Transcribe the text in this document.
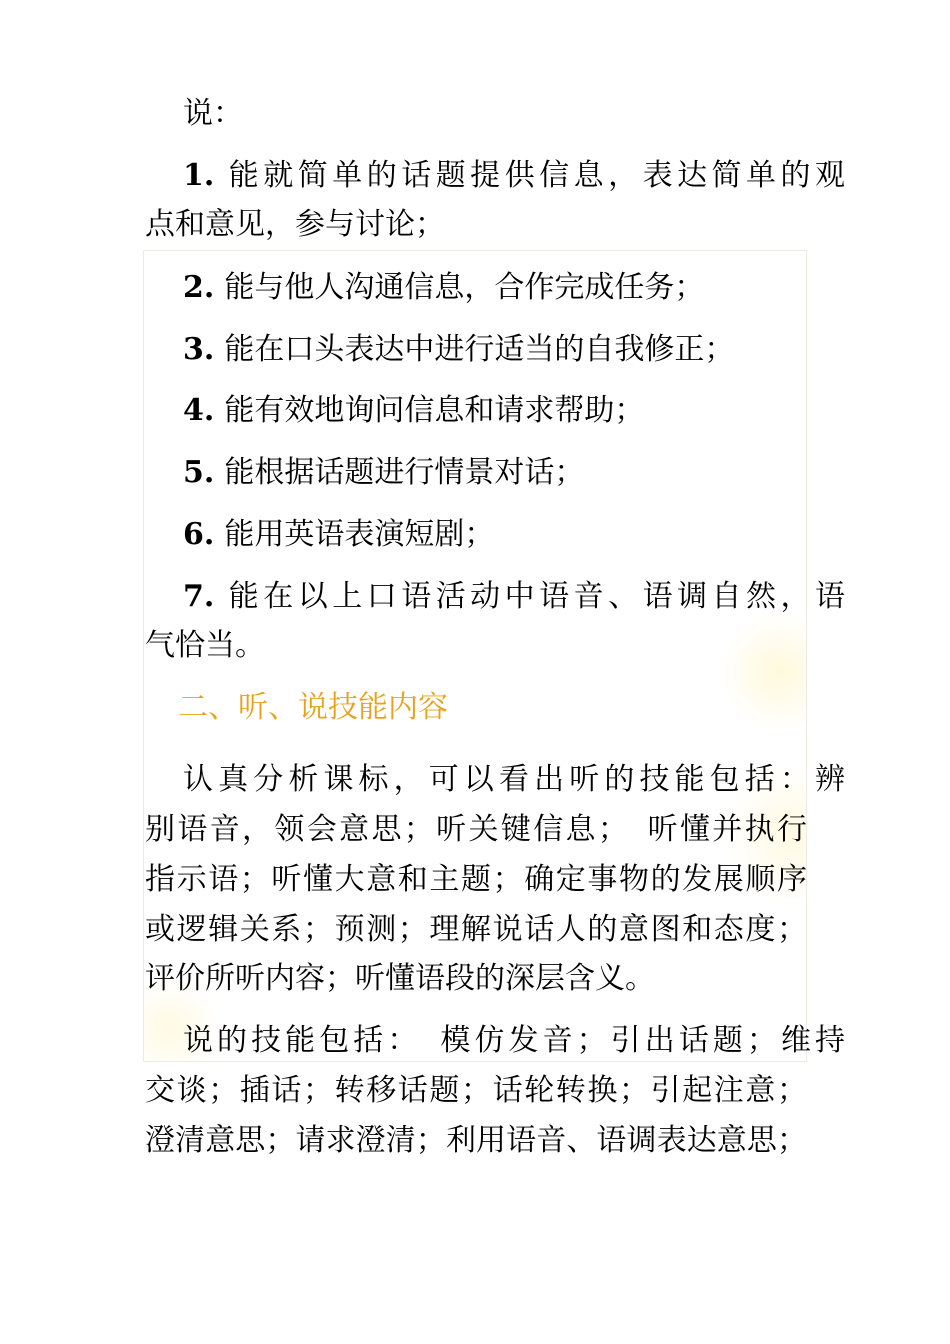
说：
1. 能就简单的话题提供信息，表达简单的观
点和意见，参与讨论；
2. 能与他人沟通信息，合作完成任务；
3. 能在口头表达中进行适当的自我修正；
4. 能有效地询问信息和请求帮助；
5. 能根据话题进行情景对话；
6. 能用英语表演短剧；
7. 能在以上口语活动中语音、语调自然，语
气恰当。
二、听、说技能内容
认真分析课标，可以看出听的技能包括：辨
别语音，领会意思；听关键信息；　听懂并执行
指示语；听懂大意和主题；确定事物的发展顺序
或逻辑关系；预测；理解说话人的意图和态度；
评价所听内容；听懂语段的深层含义。
说的技能包括：　模仿发音；引出话题；维持
交谈；插话；转移话题；话轮转换；引起注意；
澄清意思；请求澄清；利用语音、语调表达意思；
